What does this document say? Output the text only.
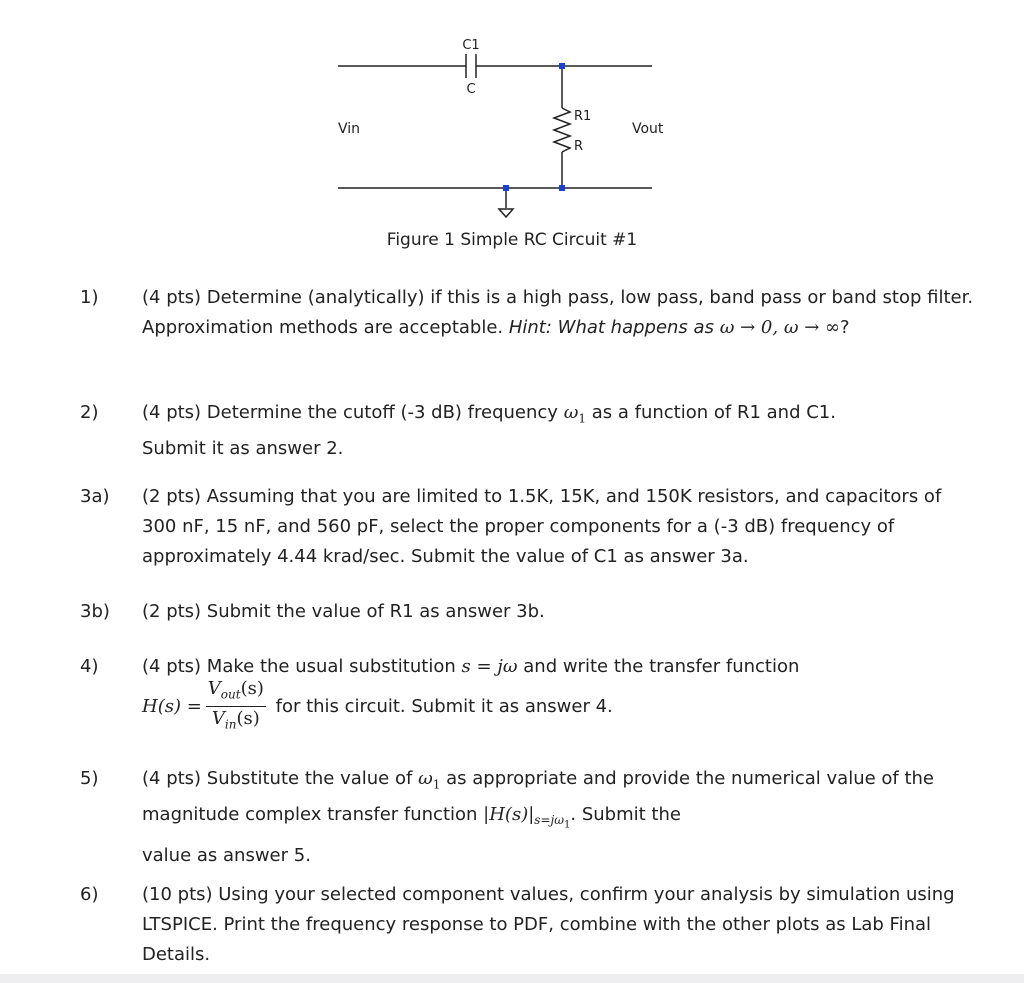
C1
C
R1
R
Vin	Vout
Figure 1 Simple RC Circuit #1
1) (4 pts) Determine (analytically) if this is a high pass, low pass, band pass or band stop filter. Approximation methods are acceptable. Hint: What happens as ω → 0, ω → ∞?
2) (4 pts) Determine the cutoff (-3 dB) frequency $\omega_1$ as a function of R1 and C1.
Submit it as answer 2.
3a) (2 pts) Assuming that you are limited to 1.5K, 15K, and 150K resistors, and capacitors of 300 nF, 15 nF, and 560 pF, select the proper components for a (-3 dB) frequency of approximately 4.44 krad/sec. Submit the value of C1 as answer 3a.
3b) (2 pts) Submit the value of R1 as answer 3b.
4) (4 pts) Make the usual substitution s = jω and write the transfer function
$H(s) = \frac{V_{out}(s)}{V_{in}(s)}$ for this circuit. Submit it as answer 4.
5) (4 pts) Substitute the value of $\omega_1$ as appropriate and provide the numerical value of the magnitude complex transfer function $|H(s)|_{s=j\omega_1}$. Submit the
value as answer 5.
6) (10 pts) Using your selected component values, confirm your analysis by simulation using LTSPICE. Print the frequency response to PDF, combine with the other plots as Lab Final Details.
